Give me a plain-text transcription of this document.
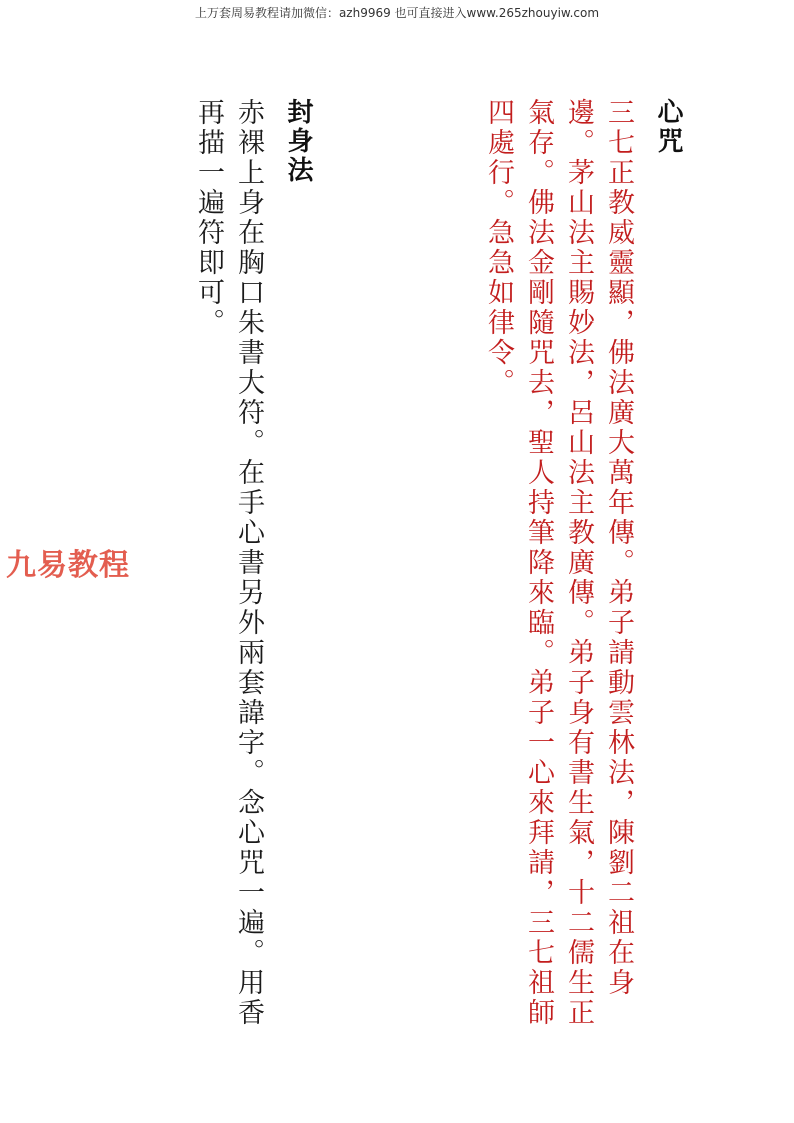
上万套周易教程请加微信：azh9969 也可直接进入www.265zhouyiw.com
心咒
三七正教威靈顯，佛法廣大萬年傳。弟子請動雲林法，陳劉二祖在身邊。茅山法主賜妙法，呂山法主教廣傳。弟子身有書生氣，十二儒生正氣存。佛法金剛隨咒去，聖人持筆降來臨。弟子一心來拜請，三七祖師四處行。急急如律令。
封身法
赤裸上身在胸口朱書大符。在手心書另外兩套諱字。念心咒一遍。用香再描一遍符即可。
九易教程
